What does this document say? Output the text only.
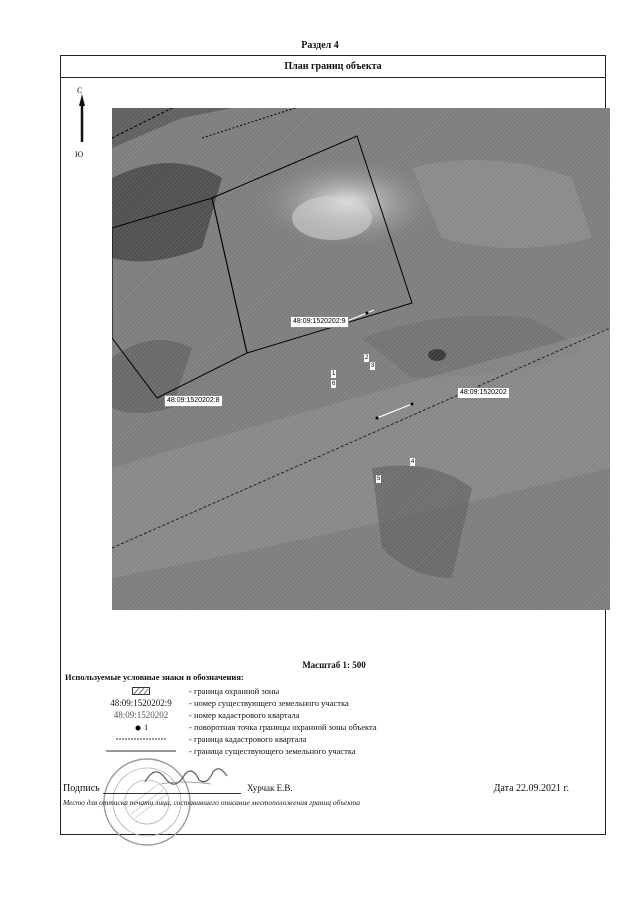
Раздел 4
План границ объекта
С
Ю
48:09:1520202:9
48:09:1520202:8
48:09:1520202
2
3
1
6
4
5
Масштаб 1: 500
Используемые условные знаки и обозначения:
- граница охранной зоны
48:09:1520202:9	- номер существующего земельного участка
48:09:1520202	- номер кадастрового квартала
1	- поворотная точка границы охранной зоны объекта
- граница кадастрового квартала
- граница существующего земельного участка
Подпись	Хурчак Е.В.	Дата 22.09.2021 г.
Место для оттиска печати лица, составившего описание местоположения границ объекта
